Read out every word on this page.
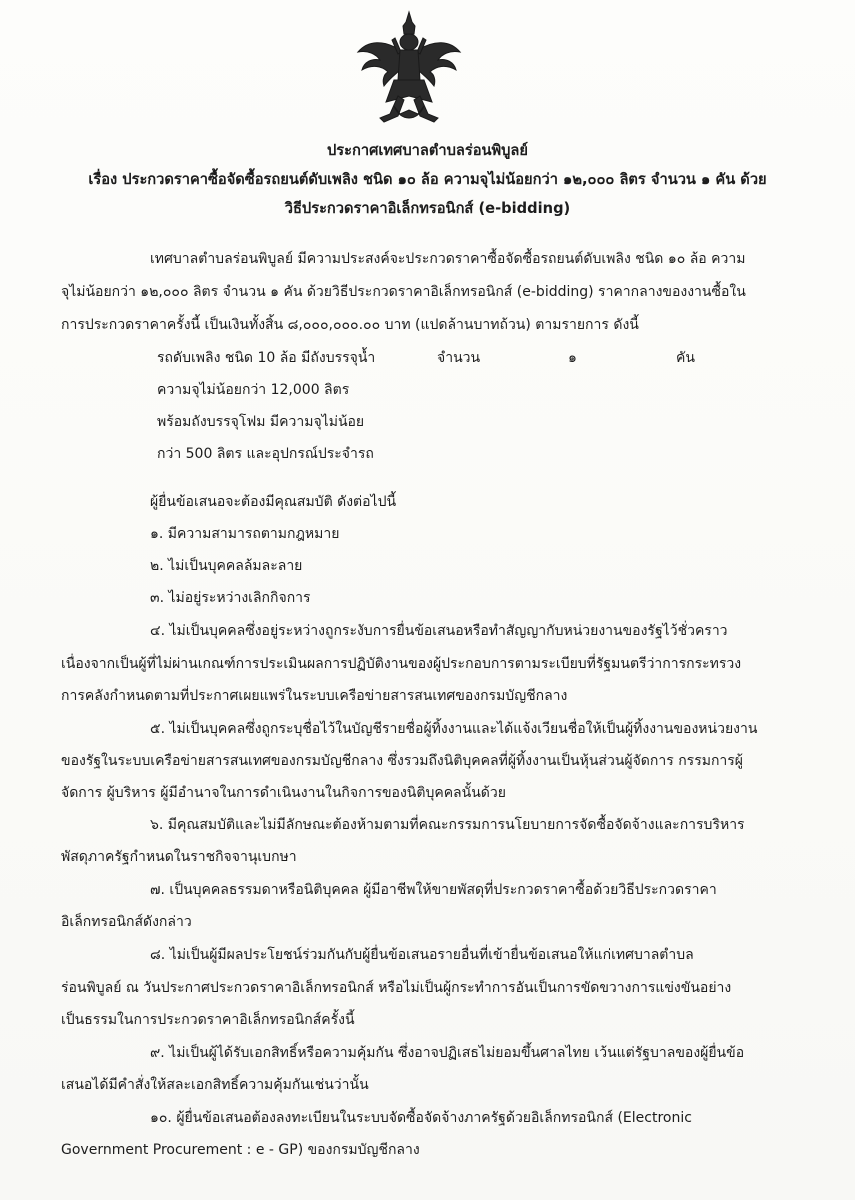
ประกาศเทศบาลตำบลร่อนพิบูลย์
เรื่อง ประกวดราคาซื้อจัดซื้อรถยนต์ดับเพลิง ชนิด ๑๐ ล้อ ความจุไม่น้อยกว่า ๑๒,๐๐๐ ลิตร จำนวน ๑ คัน ด้วย
วิธีประกวดราคาอิเล็กทรอนิกส์ (e-bidding)
เทศบาลตำบลร่อนพิบูลย์ มีความประสงค์จะประกวดราคาซื้อจัดซื้อรถยนต์ดับเพลิง ชนิด ๑๐ ล้อ ความ
จุไม่น้อยกว่า ๑๒,๐๐๐ ลิตร จำนวน ๑ คัน ด้วยวิธีประกวดราคาอิเล็กทรอนิกส์ (e-bidding) ราคากลางของงานซื้อใน
การประกวดราคาครั้งนี้ เป็นเงินทั้งสิ้น ๘,๐๐๐,๐๐๐.๐๐ บาท (แปดล้านบาทถ้วน) ตามรายการ ดังนี้
รถดับเพลิง ชนิด 10 ล้อ มีถังบรรจุน้ำ	จำนวน	๑	คัน
ความจุไม่น้อยกว่า 12,000 ลิตร
พร้อมถังบรรจุโฟม มีความจุไม่น้อย
กว่า 500 ลิตร และอุปกรณ์ประจำรถ
ผู้ยื่นข้อเสนอจะต้องมีคุณสมบัติ ดังต่อไปนี้
๑. มีความสามารถตามกฎหมาย
๒. ไม่เป็นบุคคลล้มละลาย
๓. ไม่อยู่ระหว่างเลิกกิจการ
๔. ไม่เป็นบุคคลซึ่งอยู่ระหว่างถูกระงับการยื่นข้อเสนอหรือทำสัญญากับหน่วยงานของรัฐไว้ชั่วคราว
เนื่องจากเป็นผู้ที่ไม่ผ่านเกณฑ์การประเมินผลการปฏิบัติงานของผู้ประกอบการตามระเบียบที่รัฐมนตรีว่าการกระทรวง
การคลังกำหนดตามที่ประกาศเผยแพร่ในระบบเครือข่ายสารสนเทศของกรมบัญชีกลาง
๕. ไม่เป็นบุคคลซึ่งถูกระบุชื่อไว้ในบัญชีรายชื่อผู้ทิ้งงานและได้แจ้งเวียนชื่อให้เป็นผู้ทิ้งงานของหน่วยงาน
ของรัฐในระบบเครือข่ายสารสนเทศของกรมบัญชีกลาง ซึ่งรวมถึงนิติบุคคลที่ผู้ทิ้งงานเป็นหุ้นส่วนผู้จัดการ กรรมการผู้
จัดการ ผู้บริหาร ผู้มีอำนาจในการดำเนินงานในกิจการของนิติบุคคลนั้นด้วย
๖. มีคุณสมบัติและไม่มีลักษณะต้องห้ามตามที่คณะกรรมการนโยบายการจัดซื้อจัดจ้างและการบริหาร
พัสดุภาครัฐกำหนดในราชกิจจานุเบกษา
๗. เป็นบุคคลธรรมดาหรือนิติบุคคล ผู้มีอาชีพให้ขายพัสดุที่ประกวดราคาซื้อด้วยวิธีประกวดราคา
อิเล็กทรอนิกส์ดังกล่าว
๘. ไม่เป็นผู้มีผลประโยชน์ร่วมกันกับผู้ยื่นข้อเสนอรายอื่นที่เข้ายื่นข้อเสนอให้แก่เทศบาลตำบล
ร่อนพิบูลย์ ณ วันประกาศประกวดราคาอิเล็กทรอนิกส์ หรือไม่เป็นผู้กระทำการอันเป็นการขัดขวางการแข่งขันอย่าง
เป็นธรรมในการประกวดราคาอิเล็กทรอนิกส์ครั้งนี้
๙. ไม่เป็นผู้ได้รับเอกสิทธิ์หรือความคุ้มกัน ซึ่งอาจปฏิเสธไม่ยอมขึ้นศาลไทย เว้นแต่รัฐบาลของผู้ยื่นข้อ
เสนอได้มีคำสั่งให้สละเอกสิทธิ์ความคุ้มกันเช่นว่านั้น
๑๐. ผู้ยื่นข้อเสนอต้องลงทะเบียนในระบบจัดซื้อจัดจ้างภาครัฐด้วยอิเล็กทรอนิกส์ (Electronic
Government Procurement : e - GP) ของกรมบัญชีกลาง
